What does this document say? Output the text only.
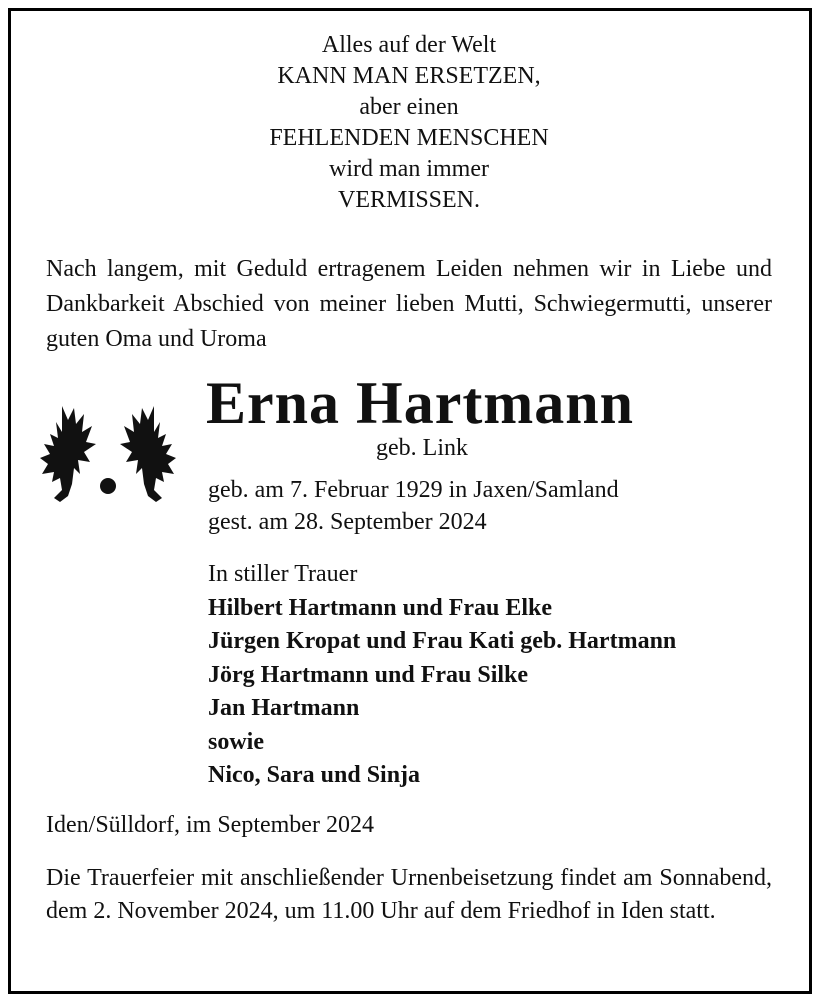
Alles auf der Welt
KANN MAN ERSETZEN,
aber einen
FEHLENDEN MENSCHEN
wird man immer
VERMISSEN.
Nach langem, mit Geduld ertragenem Leiden nehmen wir in Liebe und Dankbarkeit Abschied von meiner lieben Mutti, Schwiegermutti, unserer guten Oma und Uroma
Erna Hartmann
geb. Link
geb. am 7. Februar 1929 in Jaxen/Samland
gest. am 28. September 2024
In stiller Trauer
Hilbert Hartmann und Frau Elke
Jürgen Kropat und Frau Kati geb. Hartmann
Jörg Hartmann und Frau Silke
Jan Hartmann
sowie
Nico, Sara und Sinja
Iden/Sülldorf, im September 2024
Die Trauerfeier mit anschließender Urnenbeisetzung findet am Sonnabend, dem 2. November 2024, um 11.00 Uhr auf dem Friedhof in Iden statt.
